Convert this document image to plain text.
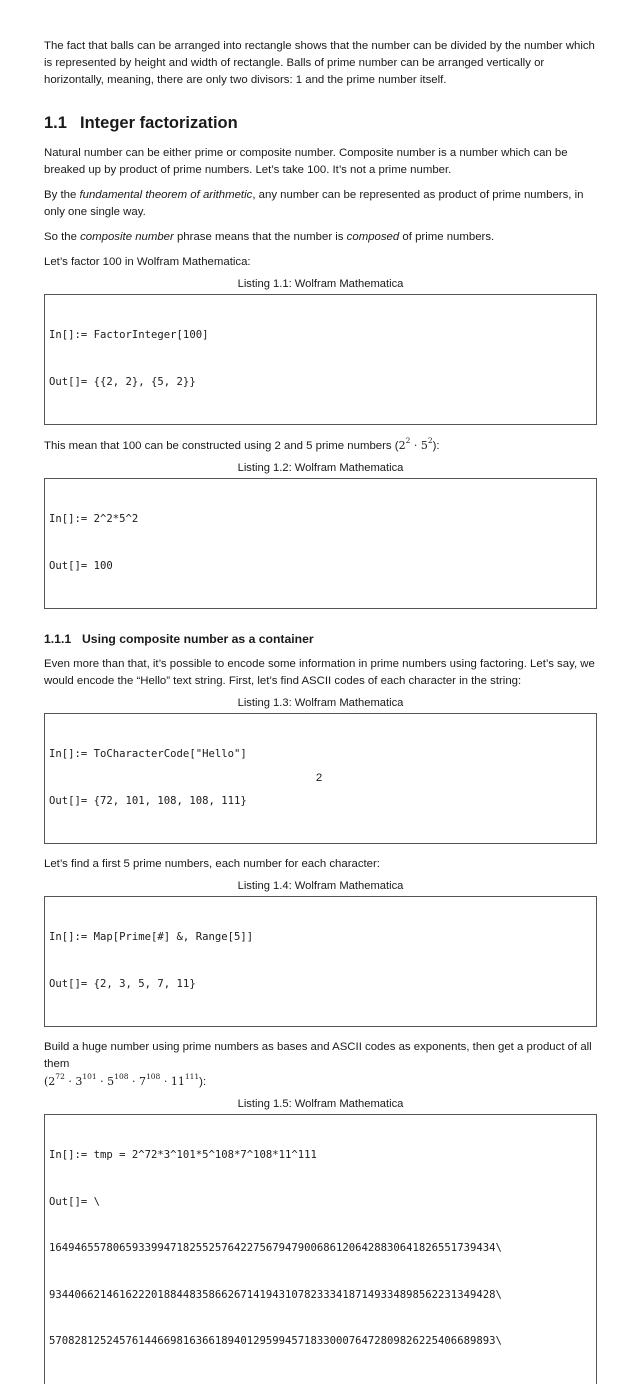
The fact that balls can be arranged into rectangle shows that the number can be divided by the number which is represented by height and width of rectangle. Balls of prime number can be arranged vertically or horizontally, meaning, there are only two divisors: 1 and the prime number itself.

1.1 Integer factorization

Natural number can be either prime or composite number. Composite number is a number which can be breaked up by product of prime numbers. Let’s take 100. It’s not a prime number.

By the fundamental theorem of arithmetic, any number can be represented as product of prime numbers, in only one single way.

So the composite number phrase means that the number is composed of prime numbers.

Let’s factor 100 in Wolfram Mathematica:

Listing 1.1: Wolfram Mathematica

In[]:= FactorInteger[100]

Out[]= {{2, 2}, {5, 2}}

This mean that 100 can be constructed using 2 and 5 prime numbers $(2^2 \cdot 5^2)$:

Listing 1.2: Wolfram Mathematica

In[]:= 2^2*5^2

Out[]= 100

1.1.1 Using composite number as a container

Even more than that, it’s possible to encode some information in prime numbers using factoring. Let’s say, we would encode the “Hello” text string. First, let’s find ASCII codes of each character in the string:

Listing 1.3: Wolfram Mathematica

In[]:= ToCharacterCode["Hello"]

Out[]= {72, 101, 108, 108, 111}

Let’s find a first 5 prime numbers, each number for each character:

Listing 1.4: Wolfram Mathematica

In[]:= Map[Prime[#] &, Range[5]]

Out[]= {2, 3, 5, 7, 11}

Build a huge number using prime numbers as bases and ASCII codes as exponents, then get a product of all them
$(2^{72} \cdot 3^{101} \cdot 5^{108} \cdot 7^{108} \cdot 11^{111})$:

Listing 1.5: Wolfram Mathematica

In[]:= tmp = 2^72*3^101*5^108*7^108*11^111

Out[]= \

1649465578065933994718255257642275679479006861206428830641826551739434\

9344066214616222018844835866267141943107823334187149334898562231349428\

5708281252457614466981636618940129599457183300076472809826225406689893\

2
